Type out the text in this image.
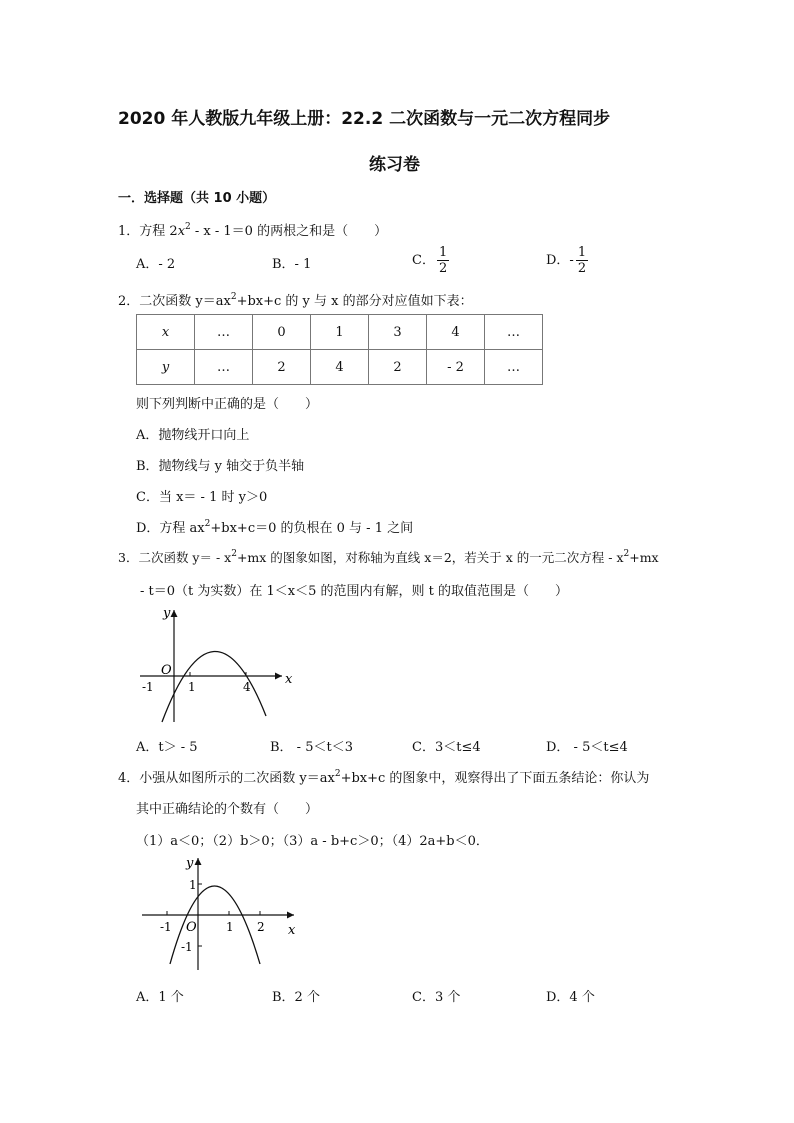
2020 年人教版九年级上册：22.2 二次函数与一元二次方程同步
练习卷
一．选择题（共 10 小题）
1．方程 $2x^2 - x - 1=0$ 的两根之和是（　　）
A．- 2	B．- 1	C． $\frac{1}{2}$	D．- $\frac{1}{2}$
2．二次函数 $y=ax^2+bx+c$ 的 y 与 x 的部分对应值如下表：
x	…	0	1	3	4	…
y	…	2	4	2	- 2	…
则下列判断中正确的是（　　）
A．抛物线开口向上
B．抛物线与 y 轴交于负半轴
C．当 x＝ - 1 时 y＞0
D．方程 $ax^2+bx+c=0$ 的负根在 0 与 - 1 之间
3．二次函数 $y= - x^2+mx$ 的图象如图，对称轴为直线 x＝2，若关于 x 的一元二次方程 - $x^2+mx$
- t＝0（t 为实数）在 1＜x＜5 的范围内有解，则 t 的取值范围是（　　）
y
x
O
-1	1	4
A．t＞ - 5	B． - 5＜t＜3	C．3＜t≤4	D． - 5＜t≤4
4．小强从如图所示的二次函数 $y=ax^2+bx+c$ 的图象中，观察得出了下面五条结论：你认为
其中正确结论的个数有（　　）
（1）a＜0；（2）b＞0；（3）a - b+c＞0；（4）2a+b＜0．
y
x
O
1
-1
-1	1 2
A．1 个	B．2 个	C．3 个	D．4 个
